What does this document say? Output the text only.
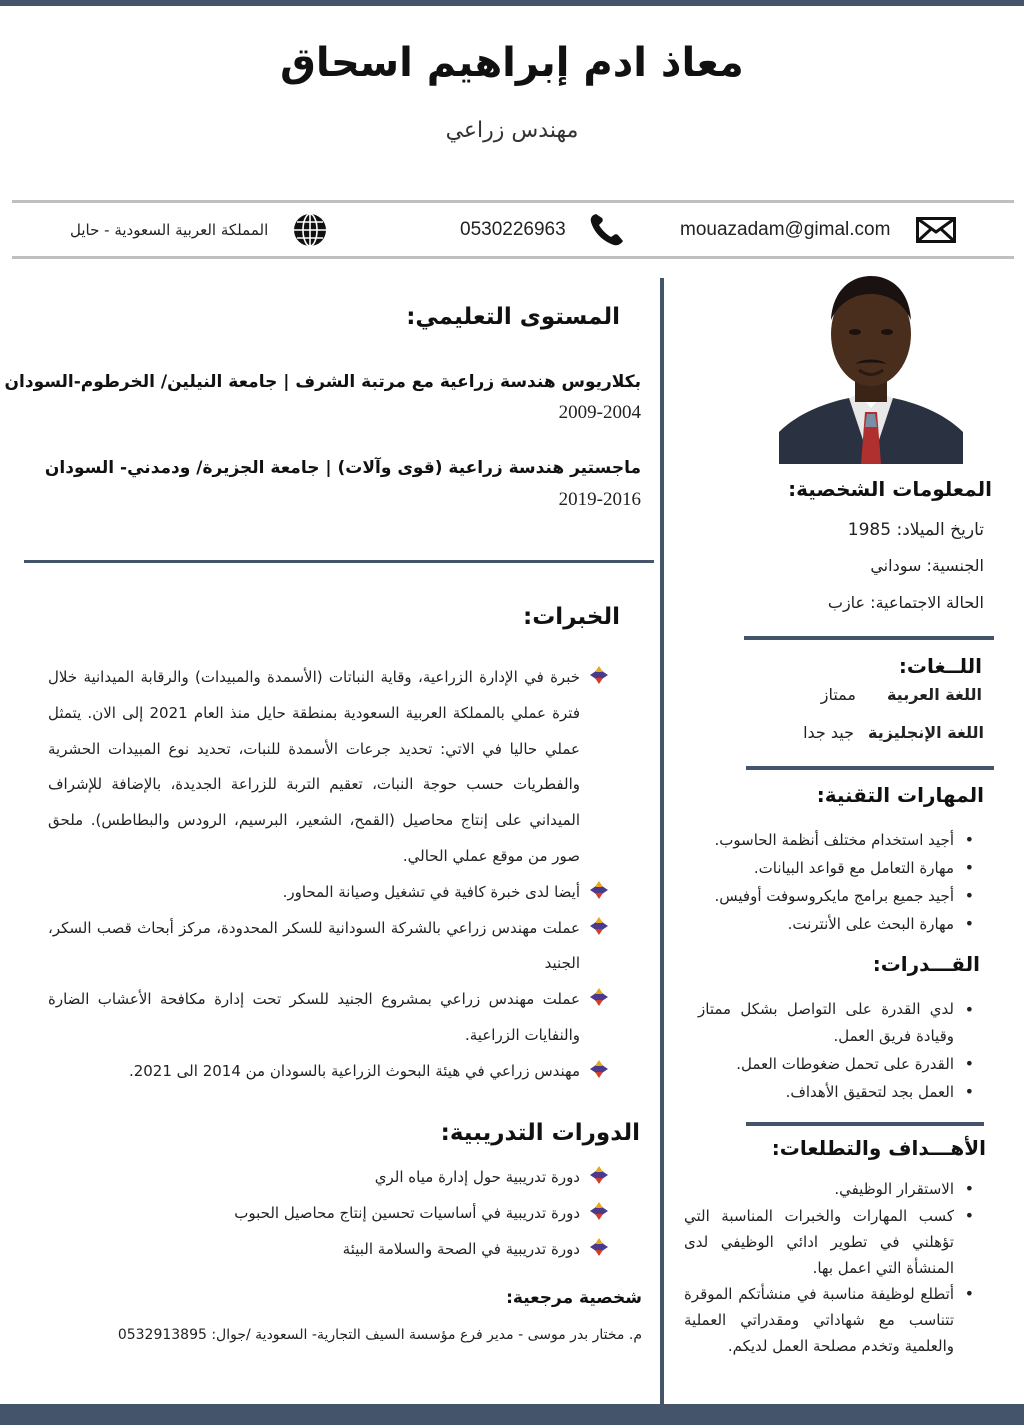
معاذ ادم إبراهيم اسحاق
مهندس زراعي
mouazadam@gimal.com
0530226963
المملكة العربية السعودية - حايل
المعلومات الشخصية:
تاريخ الميلاد: 1985
الجنسية: سوداني
الحالة الاجتماعية: عازب
اللــغات:
اللغة العربية
ممتاز
اللغة الإنجليزية
جيد جدا
المهارات التقنية:
• أجيد استخدام مختلف أنظمة الحاسوب.
• مهارة التعامل مع قواعد البيانات.
• أجيد جميع برامج مايكروسوفت أوفيس.
• مهارة البحث على الأنترنت.
القـــدرات:
• لدي القدرة على التواصل بشكل ممتاز وقيادة فريق العمل.
• القدرة على تحمل ضغوطات العمل.
• العمل بجد لتحقيق الأهداف.
الأهـــداف والتطلعات:
• الاستقرار الوظيفي.
• كسب المهارات والخبرات المناسبة التي تؤهلني في تطوير ادائي الوظيفي لدى المنشأة التي اعمل بها.
• أتطلع لوظيفة مناسبة في منشأتكم الموقرة تتناسب مع شهاداتي ومقدراتي العملية والعلمية وتخدم مصلحة العمل لديكم.
المستوى التعليمي:
بكلاريوس هندسة زراعية مع مرتبة الشرف | جامعة النيلين/ الخرطوم-السودان
2009-2004
ماجستير هندسة زراعية (قوى وآلات) | جامعة الجزيرة/ ودمدني- السودان
2019-2016
الخبرات:
خبرة في الإدارة الزراعية، وقاية النباتات (الأسمدة والمبيدات) والرقابة الميدانية خلال فترة عملي بالمملكة العربية السعودية بمنطقة حايل منذ العام 2021 إلى الان. يتمثل عملي حاليا في الاتي: تحديد جرعات الأسمدة للنبات، تحديد نوع المبيدات الحشرية والفطريات حسب حوجة النبات، تعقيم التربة للزراعة الجديدة، بالإضافة للإشراف الميداني على إنتاج محاصيل (القمح، الشعير، البرسيم، الرودس والبطاطس). ملحق صور من موقع عملي الحالي.
أيضا لدى خبرة كافية في تشغيل وصيانة المحاور.
عملت مهندس زراعي بالشركة السودانية للسكر المحدودة، مركز أبحاث قصب السكر، الجنيد
عملت مهندس زراعي بمشروع الجنيد للسكر تحت إدارة مكافحة الأعشاب الضارة والنفايات الزراعية.
مهندس زراعي في هيئة البحوث الزراعية بالسودان من 2014 الى 2021.
الدورات التدريبية:
دورة تدريبية حول إدارة مياه الري
دورة تدريبية في أساسيات تحسين إنتاج محاصيل الحبوب
دورة تدريبية في الصحة والسلامة البيئة
شخصية مرجعية:
م. مختار بدر موسى - مدير فرع مؤسسة السيف التجارية- السعودية /جوال: 0532913895
